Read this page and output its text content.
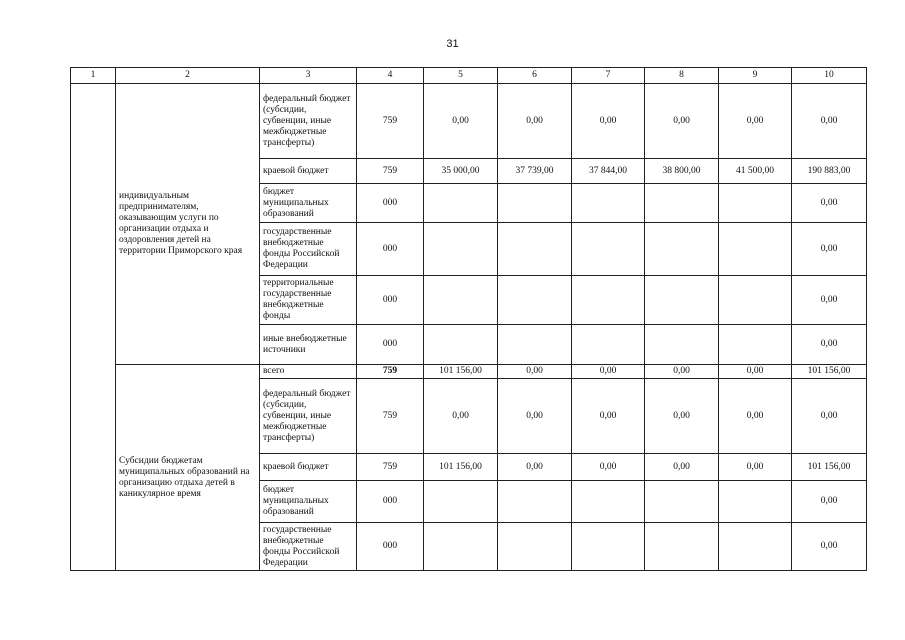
31
1	2	3	4	5	6	7	8	9	10

	индивидуальным предпринимателям, оказывающим услуги по организации отдыха и оздоровления детей на территории Приморского края	федеральный бюджет (субсидии, субвенции, иные межбюджетные трансферты)	759	0,00	0,00	0,00	0,00	0,00	0,00
		краевой бюджет	759	35 000,00	37 739,00	37 844,00	38 800,00	41 500,00	190 883,00
		бюджет муниципальных образований	000						0,00
		государственные внебюджетные фонды Российской Федерации	000						0,00
		территориальные государственные внебюджетные фонды	000						0,00
		иные внебюджетные источники	000						0,00

	Субсидии бюджетам муниципальных образований на организацию отдыха детей в каникулярное время	всего	759	101 156,00	0,00	0,00	0,00	0,00	101 156,00
		федеральный бюджет (субсидии, субвенции, иные межбюджетные трансферты)	759	0,00	0,00	0,00	0,00	0,00	0,00
		краевой бюджет	759	101 156,00	0,00	0,00	0,00	0,00	101 156,00
		бюджет муниципальных образований	000						0,00
		государственные внебюджетные фонды Российской Федерации	000						0,00
